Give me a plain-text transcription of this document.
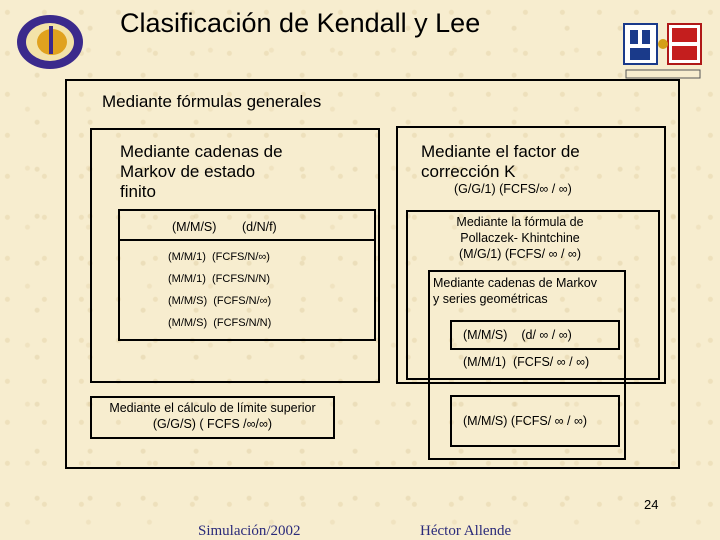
Clasificación de Kendall y Lee
Mediante fórmulas generales
Mediante cadenas de
Markov de estado
finito
(M/M/S) (d/N/f)
(M/M/1)  (FCFS/N/∞)
(M/M/1)  (FCFS/N/N)
(M/M/S)  (FCFS/N/∞)
(M/M/S)  (FCFS/N/N)
Mediante el factor de
corrección K
(G/G/1) (FCFS/∞ / ∞)
Mediante la fórmula de
Pollaczek- Khintchine
(M/G/1) (FCFS/ ∞ / ∞)
Mediante cadenas de Markov
y series geométricas
(M/M/S)    (d/ ∞ / ∞)
(M/M/1)  (FCFS/ ∞ / ∞)
(M/M/S) (FCFS/ ∞ / ∞)
Mediante el cálculo de límite superior
(G/G/S) ( FCFS /∞/∞)
24
Simulación/2002	Héctor Allende
